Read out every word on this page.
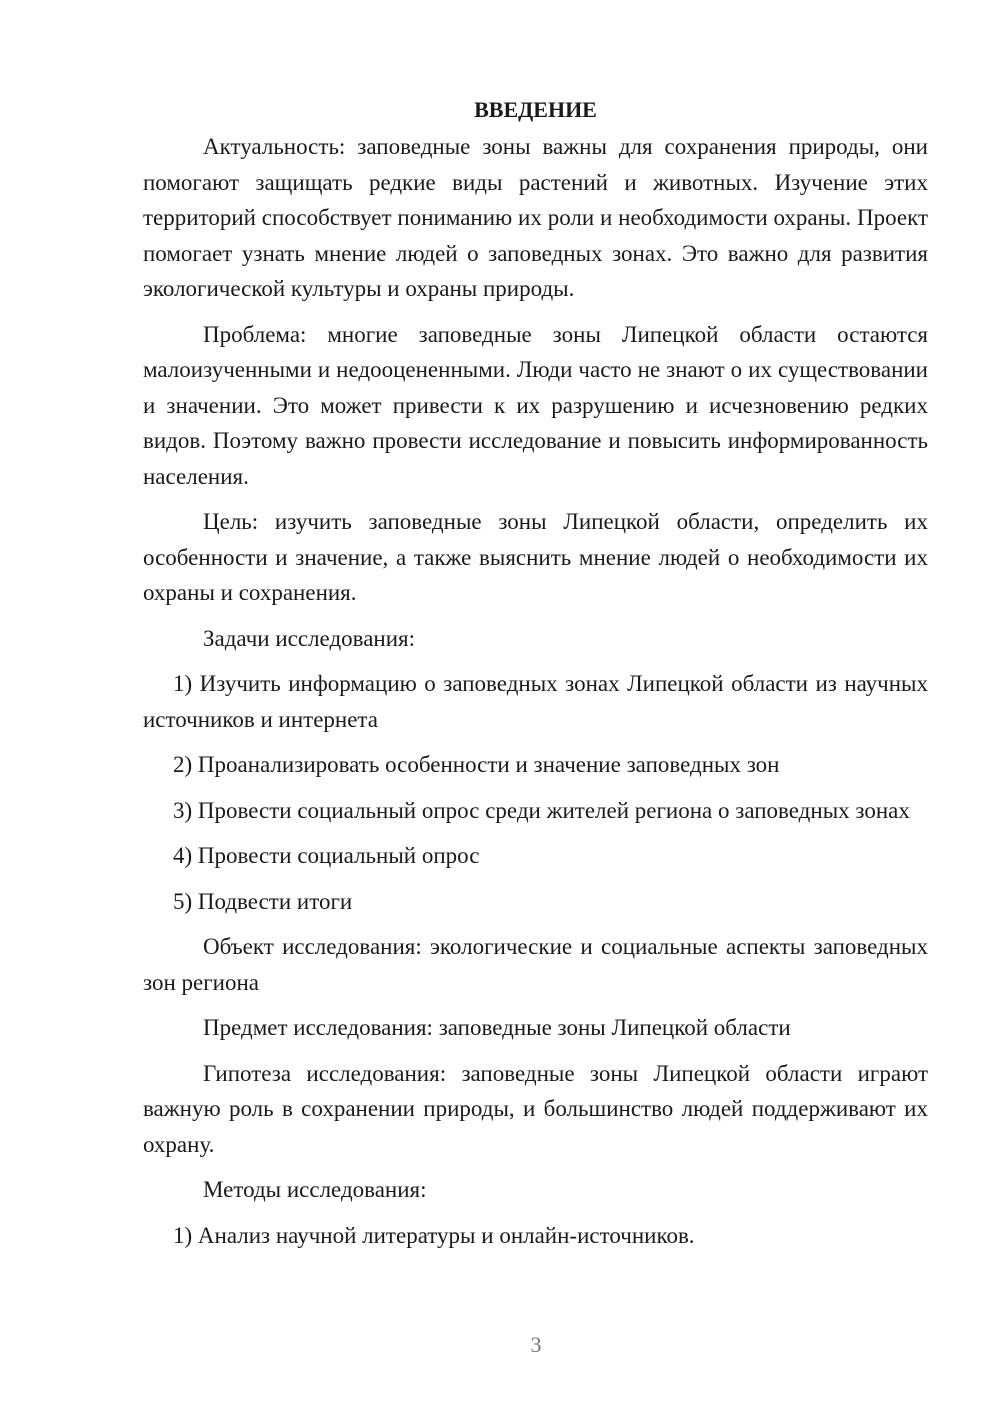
ВВЕДЕНИЕ

Актуальность: заповедные зоны важны для сохранения природы, они помогают защищать редкие виды растений и животных. Изучение этих территорий способствует пониманию их роли и необходимости охраны. Проект помогает узнать мнение людей о заповедных зонах. Это важно для развития экологической культуры и охраны природы.

Проблема: многие заповедные зоны Липецкой области остаются малоизученными и недооцененными. Люди часто не знают о их существовании и значении. Это может привести к их разрушению и исчезновению редких видов. Поэтому важно провести исследование и повысить информированность населения.

Цель: изучить заповедные зоны Липецкой области, определить их особенности и значение, а также выяснить мнение людей о необходимости их охраны и сохранения.

Задачи исследования:

1) Изучить информацию о заповедных зонах Липецкой области из научных источников и интернета

2) Проанализировать особенности и значение заповедных зон

3) Провести социальный опрос среди жителей региона о заповедных зонах

4) Провести социальный опрос

5) Подвести итоги

Объект исследования: экологические и социальные аспекты заповедных зон региона

Предмет исследования: заповедные зоны Липецкой области

Гипотеза исследования: заповедные зоны Липецкой области играют важную роль в сохранении природы, и большинство людей поддерживают их охрану.

Методы исследования:

1) Анализ научной литературы и онлайн-источников.

3
